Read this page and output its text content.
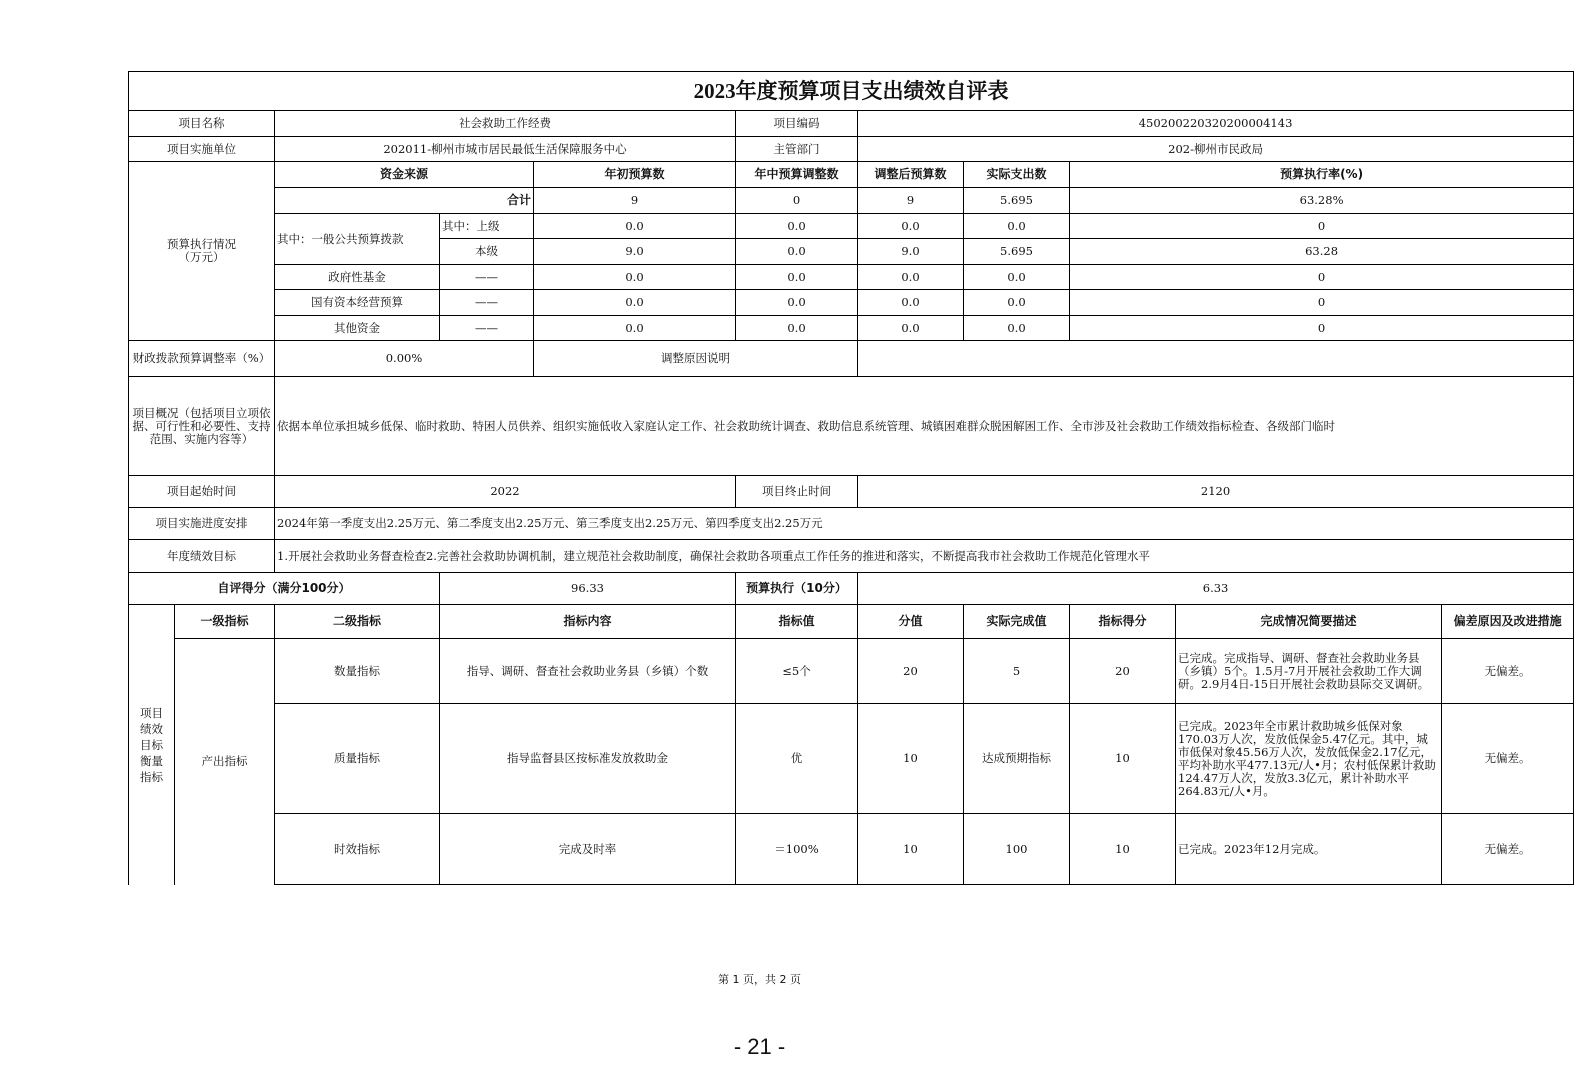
2023年度预算项目支出绩效自评表										
项目名称		社会救助工作经费			项目编码	450200220320200004143				
项目实施单位		202011-柳州市城市居民最低生活保障服务中心			主管部门	202-柳州市民政局				
预算执行情况（万元）		资金来源		年初预算数	年中预算调整数	调整后预算数	实际支出数	预算执行率(%)		
		合计		9	0	9	5.695	63.28%		
		其中：一般公共预算拨款	其中：上级	0.0	0.0	0.0	0.0	0		
			本级	9.0	0.0	9.0	5.695	63.28		
		政府性基金	——	0.0	0.0	0.0	0.0	0		
		国有资本经营预算	——	0.0	0.0	0.0	0.0	0		
		其他资金	——	0.0	0.0	0.0	0.0	0		
财政拨款预算调整率（%）		0.00%		调整原因说明						
项目概况（包括项目立项依据、可行性和必要性、支持范围、实施内容等）		依据本单位承担城乡低保、临时救助、特困人员供养、组织实施低收入家庭认定工作、社会救助统计调查、救助信息系统管理、城镇困难群众脱困解困工作、全市涉及社会救助工作绩效指标检查、各级部门临时								
项目起始时间		2022			项目终止时间	2120				
项目实施进度安排		2024年第一季度支出2.25万元、第二季度支出2.25万元、第三季度支出2.25万元、第四季度支出2.25万元								
年度绩效目标		1.开展社会救助业务督查检查2.完善社会救助协调机制，建立规范社会救助制度，确保社会救助各项重点工作任务的推进和落实，不断提高我市社会救助工作规范化管理水平								
自评得分（满分100分）			96.33		预算执行（10分）	6.33				
项目绩效目标衡量指标	一级指标	二级指标	指标内容		指标值	分值	实际完成值	指标得分	完成情况简要描述	偏差原因及改进措施
	产出指标	数量指标	指导、调研、督查社会救助业务县（乡镇）个数		≤5个	20	5	20	已完成。完成指导、调研、督查社会救助业务县（乡镇）5个。1.5月-7月开展社会救助工作大调研。2.9月4日-15日开展社会救助县际交叉调研。	无偏差。
		质量指标	指导监督县区按标准发放救助金		优	10	达成预期指标	10	已完成。2023年全市累计救助城乡低保对象170.03万人次，发放低保金5.47亿元。其中，城市低保对象45.56万人次，发放低保金2.17亿元，平均补助水平477.13元/人•月；农村低保累计救助124.47万人次，发放3.3亿元，累计补助水平264.83元/人•月。	无偏差。
		时效指标	完成及时率		＝100%	10	100	10	已完成。2023年12月完成。	无偏差。
第 1 页，共 2 页
- 21 -
